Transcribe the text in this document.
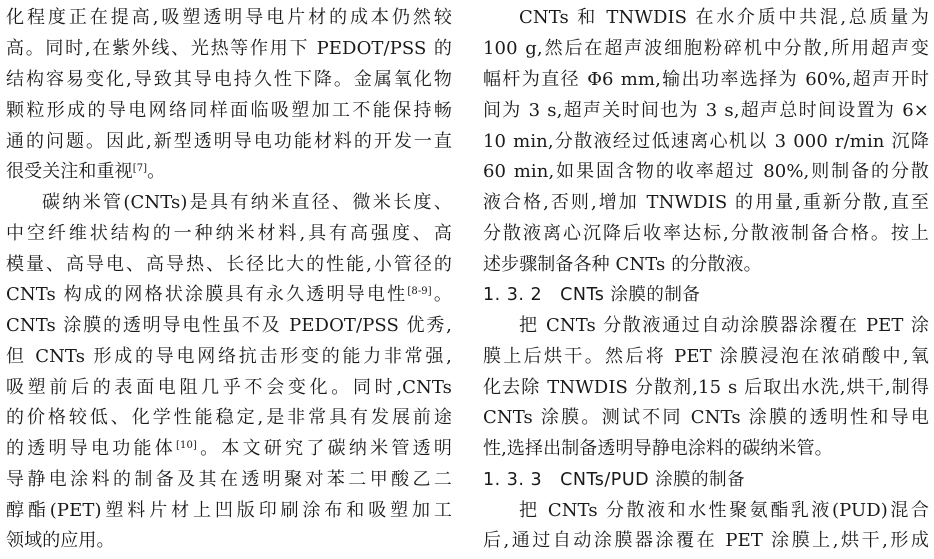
化程度正在提高,吸塑透明导电片材的成本仍然较
高。同时,在紫外线、光热等作用下 PEDOT/PSS 的
结构容易变化,导致其导电持久性下降。金属氧化物
颗粒形成的导电网络同样面临吸塑加工不能保持畅
通的问题。因此,新型透明导电功能材料的开发一直
很受关注和重视[7]。
碳纳米管(CNTs)是具有纳米直径、微米长度、
中空纤维状结构的一种纳米材料,具有高强度、高
模量、高导电、高导热、长径比大的性能,小管径的
CNTs 构成的网格状涂膜具有永久透明导电性[8-9]。
CNTs 涂膜的透明导电性虽不及 PEDOT/PSS 优秀,
但 CNTs 形成的导电网络抗击形变的能力非常强,
吸塑前后的表面电阻几乎不会变化。同时,CNTs
的价格较低、化学性能稳定,是非常具有发展前途
的透明导电功能体[10]。本文研究了碳纳米管透明
导静电涂料的制备及其在透明聚对苯二甲酸乙二
醇酯(PET)塑料片材上凹版印刷涂布和吸塑加工
领域的应用。
CNTs 和 TNWDIS 在水介质中共混,总质量为
100 g,然后在超声波细胞粉碎机中分散,所用超声变
幅杆为直径 Φ6 mm,输出功率选择为 60%,超声开时
间为 3 s,超声关时间也为 3 s,超声总时间设置为 6×
10 min,分散液经过低速离心机以 3 000 r/min 沉降
60 min,如果固含物的收率超过 80%,则制备的分散
液合格,否则,增加 TNWDIS 的用量,重新分散,直至
分散液离心沉降后收率达标,分散液制备合格。按上
述步骤制备各种 CNTs 的分散液。
1. 3. 2　CNTs 涂膜的制备
把 CNTs 分散液通过自动涂膜器涂覆在 PET 涂
膜上后烘干。然后将 PET 涂膜浸泡在浓硝酸中,氧
化去除 TNWDIS 分散剂,15 s 后取出水洗,烘干,制得
CNTs 涂膜。测试不同 CNTs 涂膜的透明性和导电
性,选择出制备透明导静电涂料的碳纳米管。
1. 3. 3　CNTs/PUD 涂膜的制备
把 CNTs 分散液和水性聚氨酯乳液(PUD)混合
后,通过自动涂膜器涂覆在 PET 涂膜上,烘干,形成
